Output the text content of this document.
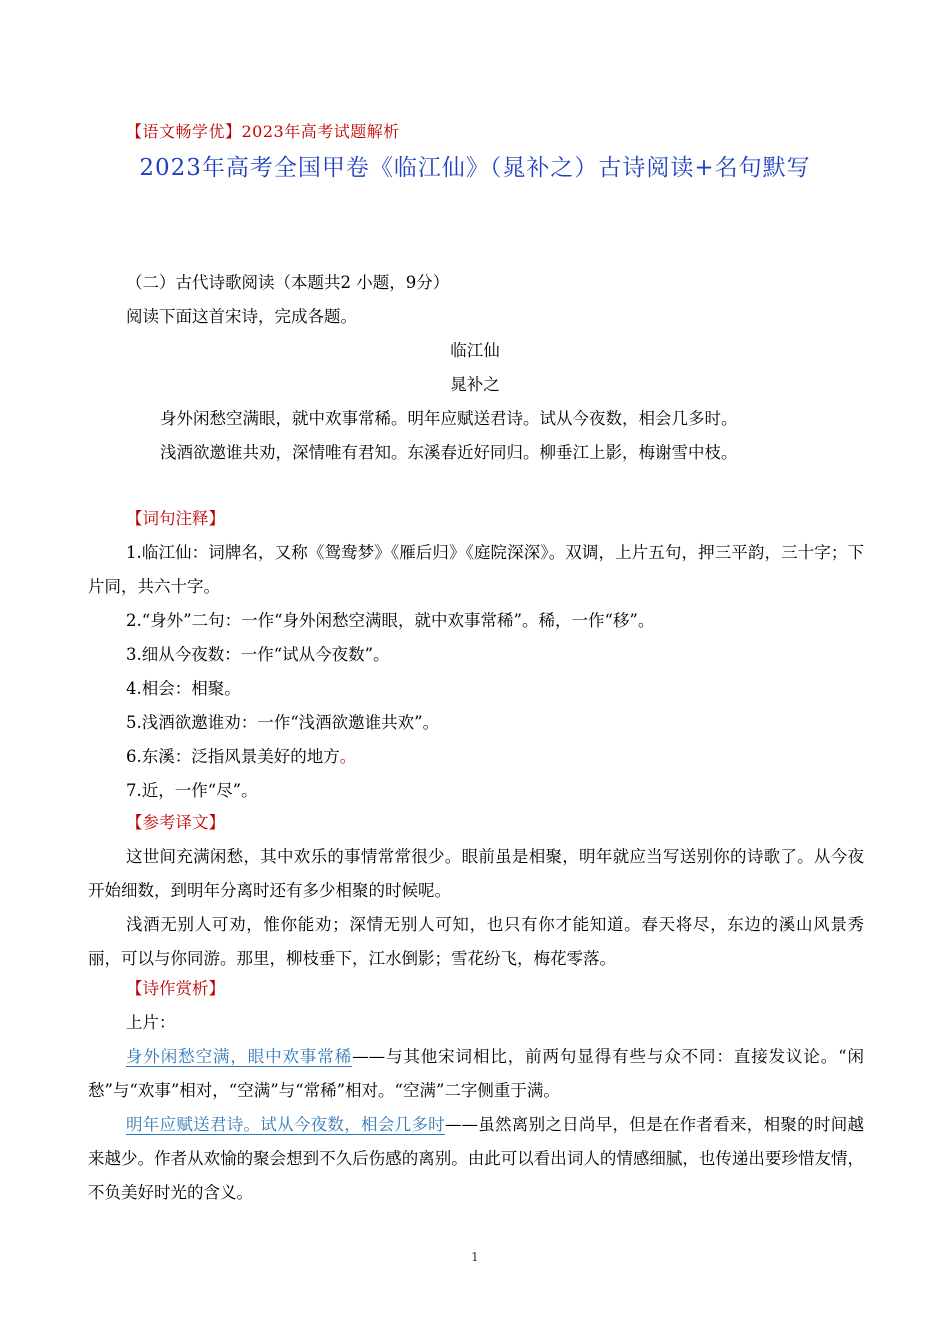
【语文畅学优】2023年高考试题解析
2023年高考全国甲卷《临江仙》（晁补之）古诗阅读+名句默写
（二）古代诗歌阅读（本题共2 小题，9分）
阅读下面这首宋诗，完成各题。
临江仙
晁补之
身外闲愁空满眼，就中欢事常稀。明年应赋送君诗。试从今夜数，相会几多时。
浅酒欲邀谁共劝，深情唯有君知。东溪春近好同归。柳垂江上影，梅谢雪中枝。
【词句注释】
1.临江仙：词牌名，又称《鸳鸯梦》《雁后归》《庭院深深》。双调，上片五句，押三平韵，三十字；下片同，共六十字。
2.“身外”二句：一作“身外闲愁空满眼，就中欢事常稀”。稀，一作“移”。
3.细从今夜数：一作“试从今夜数”。
4.相会：相聚。
5.浅酒欲邀谁劝：一作“浅酒欲邀谁共欢”。
6.东溪：泛指风景美好的地方。
7.近，一作“尽”。
【参考译文】
这世间充满闲愁，其中欢乐的事情常常很少。眼前虽是相聚，明年就应当写送别你的诗歌了。从今夜开始细数，到明年分离时还有多少相聚的时候呢。
浅酒无别人可劝，惟你能劝；深情无别人可知，也只有你才能知道。春天将尽，东边的溪山风景秀丽，可以与你同游。那里，柳枝垂下，江水倒影；雪花纷飞，梅花零落。
【诗作赏析】
上片：
身外闲愁空满，眼中欢事常稀——与其他宋词相比，前两句显得有些与众不同：直接发议论。“闲愁”与“欢事”相对，“空满”与“常稀”相对。“空满”二字侧重于满。
明年应赋送君诗。试从今夜数，相会几多时——虽然离别之日尚早，但是在作者看来，相聚的时间越来越少。作者从欢愉的聚会想到不久后伤感的离别。由此可以看出词人的情感细腻，也传递出要珍惜友情，不负美好时光的含义。
1
